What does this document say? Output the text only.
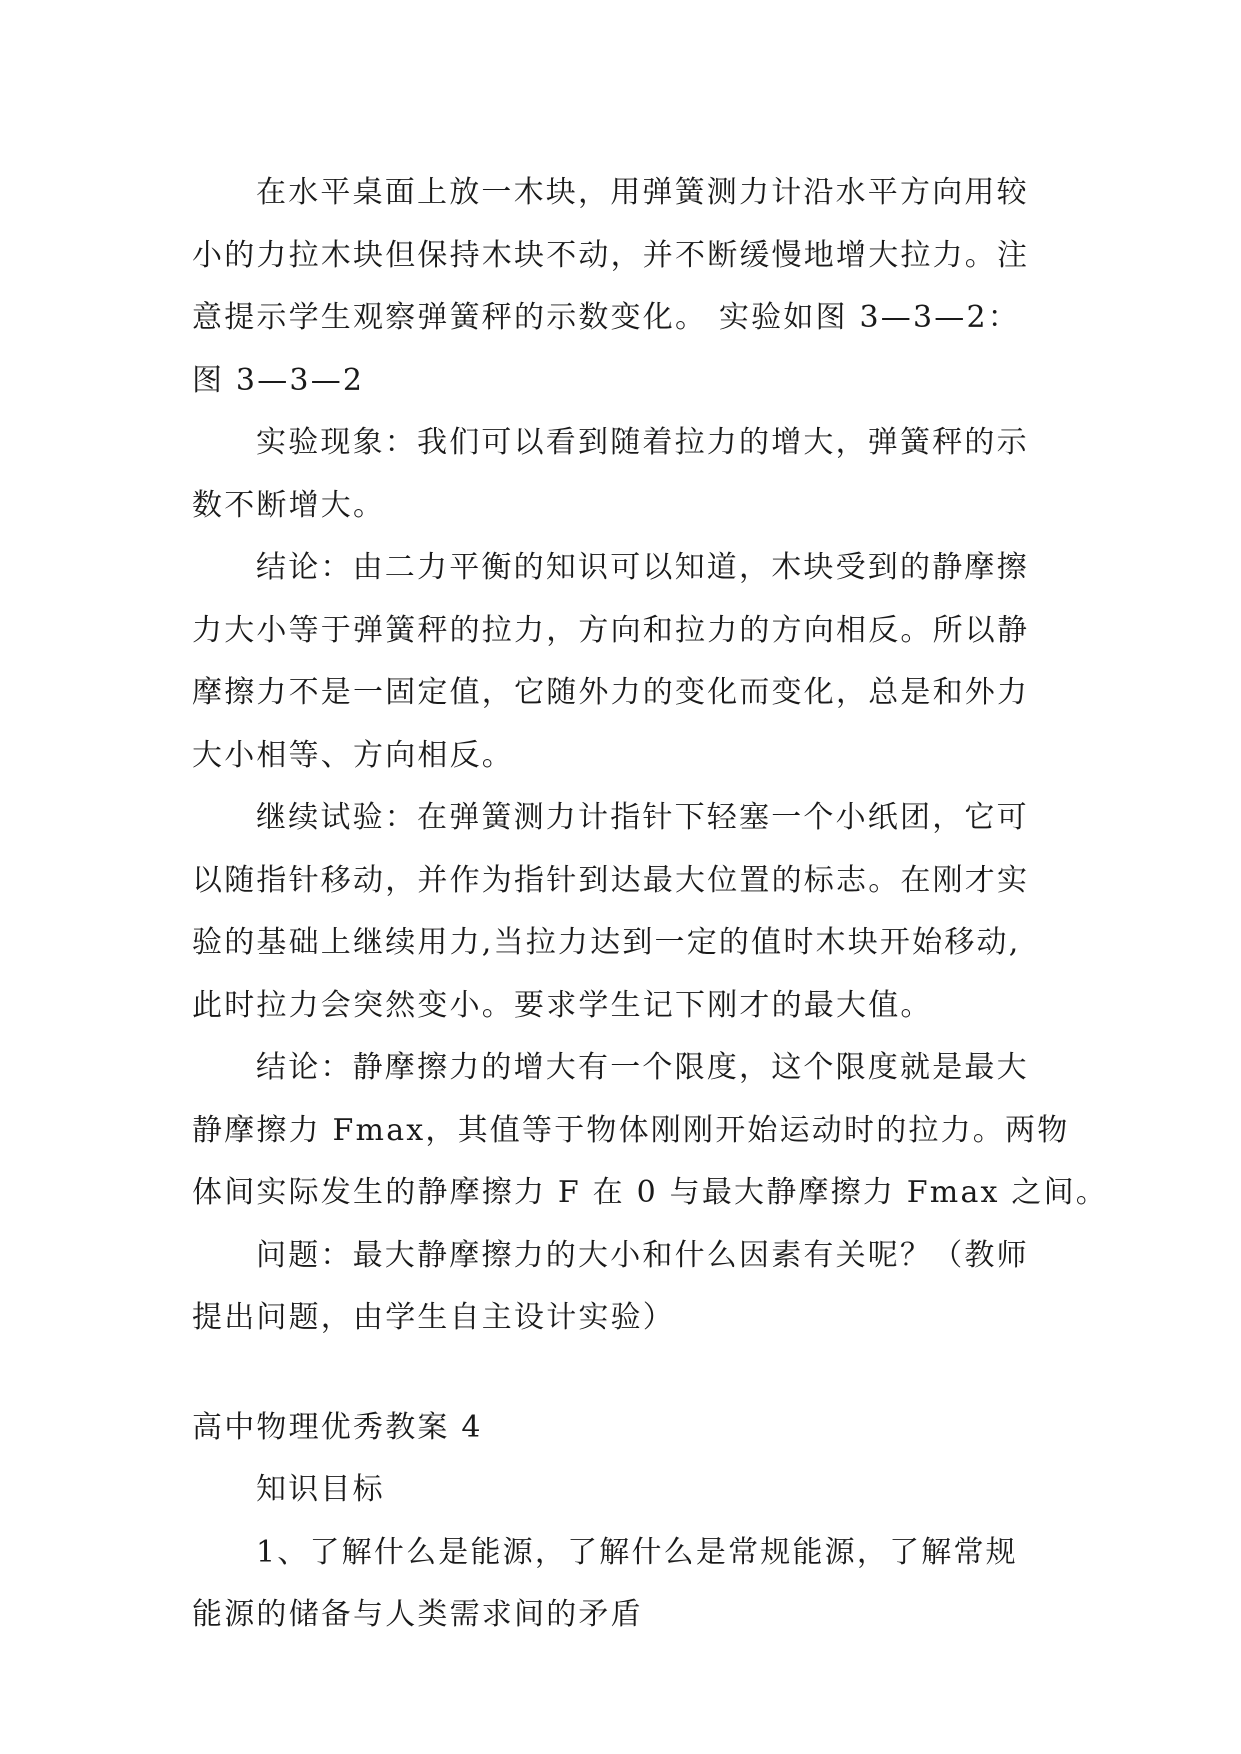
在水平桌面上放一木块，用弹簧测力计沿水平方向用较
小的力拉木块但保持木块不动，并不断缓慢地增大拉力。注
意提示学生观察弹簧秤的示数变化。 实验如图 3—3—2：
图 3—3—2
实验现象：我们可以看到随着拉力的增大，弹簧秤的示
数不断增大。
结论：由二力平衡的知识可以知道，木块受到的静摩擦
力大小等于弹簧秤的拉力，方向和拉力的方向相反。所以静
摩擦力不是一固定值，它随外力的变化而变化，总是和外力
大小相等、方向相反。
继续试验：在弹簧测力计指针下轻塞一个小纸团，它可
以随指针移动，并作为指针到达最大位置的标志。在刚才实
验的基础上继续用力,当拉力达到一定的值时木块开始移动,
此时拉力会突然变小。要求学生记下刚才的最大值。
结论：静摩擦力的增大有一个限度，这个限度就是最大
静摩擦力 Fmax，其值等于物体刚刚开始运动时的拉力。两物
体间实际发生的静摩擦力 F 在 0 与最大静摩擦力 Fmax 之间。
问题：最大静摩擦力的大小和什么因素有关呢？（教师
提出问题，由学生自主设计实验）
高中物理优秀教案 4
知识目标
1、了解什么是能源，了解什么是常规能源，了解常规
能源的储备与人类需求间的矛盾
